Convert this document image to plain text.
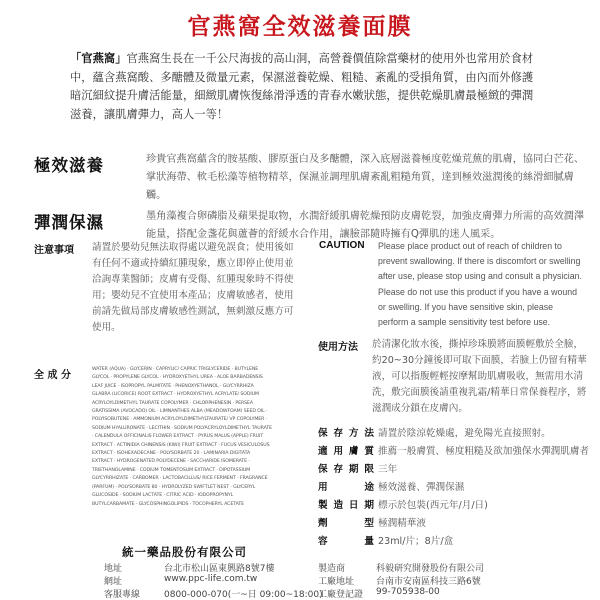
官燕窩全效滋養面膜
「官燕窩」官燕窩生長在一千公尺海拔的高山洞，高營養價值除當藥材的使用外也常用於食材中，蘊含燕窩酸、多醣體及微量元素，保濕滋養乾燥、粗糙、紊亂的受損角質，由內而外修護暗沉細紋提升膚活能量，細緻肌膚恢復絲滑淨透的青春水嫩狀態，提供乾燥肌膚最極緻的彈潤滋養，讓肌膚彈力，高人一等！
極效滋養	珍貴官燕窩蘊含的胺基酸、膠原蛋白及多醣體，深入底層滋養極度乾燥荒蕪的肌膚，協同白芒花、掌狀海帶、軟毛松藻等植物精萃，保濕並調理肌膚紊亂粗糙角質，達到極效滋潤後的絲滑細膩膚觸。
彈潤保濕	墨角藻複合卵磷脂及蘋果提取物，水潤舒緩肌膚乾燥預防皮膚乾裂，加強皮膚彈力所需的高效潤澤能量，搭配金盞花與蘆薈的舒緩水合作用，讓臉部隨時擁有Q彈肌的迷人風采。
注意事項 請置於嬰幼兒無法取得處以避免誤食；使用後如有任何不適或持續紅腫現象，應立即停止使用並洽詢專業醫師；皮膚有受傷、紅腫現象時不得使用；嬰幼兒不宜使用本產品；皮膚敏感者，使用前請先做局部皮膚敏感性測試，無刺激反應方可使用。
全 成 分
WATER (AQUA) · GLYCERIN · CAPRYLIC/ CAPRIC TRIGLYCERIDE · BUTYLENE GLYCOL · PROPYLENE GLYCOL · HYDROXYETHYL UREA · ALOE BARBADENSIS LEAF JUICE · ISOPROPYL PALMITATE · PHENOXYETHANOL · GLYCYRRHIZA GLABRA (LICORICE) ROOT EXTRACT · HYDROXYETHYL ACRYLATE/ SODIUM ACRYLOYLDIMETHYL TAURATE COPOLYMER · CHLORPHENESIN · PERSEA GRATISSIMA (AVOCADO) OIL · LIMNANTHES ALBA (MEADOWFOAM) SEED OIL · POLYISOBUTENE · AMMONIUM ACRYLOYLDIMETHYLTAURATE/ VP COPOLYMER · SODIUM HYALURONATE · LECITHIN · SODIUM POLYACRYLOYLDIMETHYL TAURATE · CALENDULA OFFICINALIS FLOWER EXTRACT · PYRUS MALUS (APPLE) FRUIT EXTRACT · ACTINIDIA CHINENSIS (KIWI) FRUIT EXTRACT · FUCUS VESICULOSUS EXTRACT · ISOHEXADECANE · POLYSORBATE 20 · LAMINARIA DIGITATA EXTRACT · HYDROGENATED POLYDECENE · SACCHARIDE ISOMERATE · TRIETHANOLAMINE · CODIUM TOMENTOSUM EXTRACT · DIPOTASSIUM GLYCYRRHIZATE · CARBOMER · LACTOBACILLUS/ RICE FERMENT · FRAGRANCE (PARFUM) · POLYSORBATE 80 · HYDROLYZED SWIFTLET NEST · GLYCERYL GLUCOSIDE · SODIUM LACTATE · CITRIC ACID · IODOPROPYNYL BUTYLCARBAMATE · GLYCOSPHINGOLIPIDS · TOCOPHERYL ACETATE
CAUTION Please place product out of reach of children to prevent swallowing. If there is discomfort or swelling after use, please stop using and consult a physician. Please do not use this product if you have a wound or swelling. If you have sensitive skin, please perform a sample sensitivity test before use.
使用方法 於清潔化妝水後，撕掉珍珠膜將面膜輕敷於全臉，約20~30分鐘後即可取下面膜，若臉上仍留有精華液，可以指腹輕輕按摩幫助肌膚吸收，無需用水清洗，敷完面膜後請重複乳霜/精華日常保養程序，將滋潤成分鎖在皮膚內。
保存方法 請置於陰涼乾燥處，避免陽光直接照射。
適用膚質 推薦一般膚質、極度粗糙及欲加強保水彈潤肌膚者
保存期限 三年
用　途 極效滋養、彈潤保濕
製造日期 標示於包裝(西元年/月/日)
劑　型 極潤精華液
容　量 23ml/片；8片/盒
統一藥品股份有限公司
地址	台北市松山區東興路8號7樓
網址	www.ppc-life.com.tw
客服專線	0800-000-070(一~日 09:00~18:00)
製造商	科毅研究開發股份有限公司
工廠地址 台南市安南區科技三路6號
工廠登記證 99-705938-00
